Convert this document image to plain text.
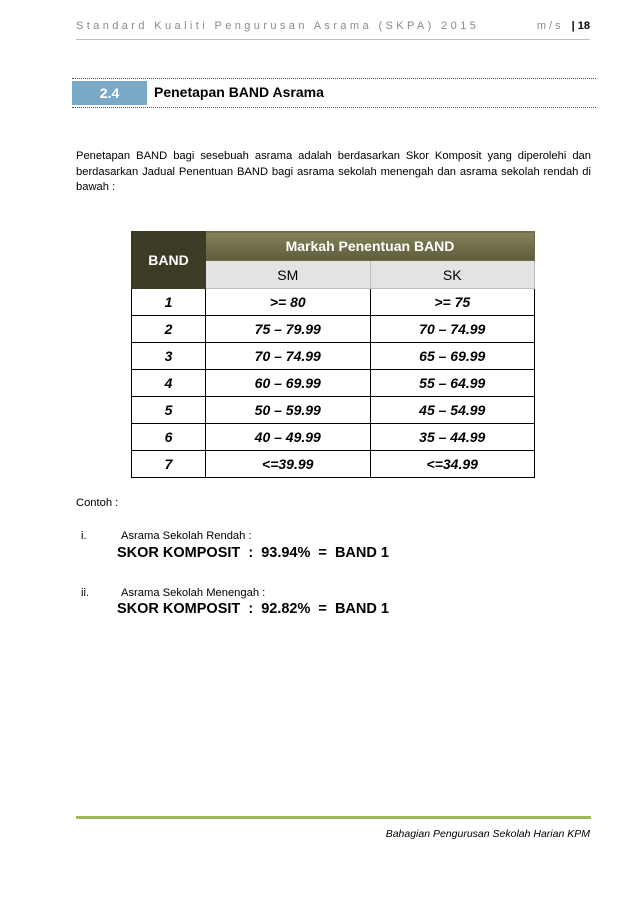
Standard Kualiti Pengurusan Asrama (SKPA) 2015	m/s | 18
2.4	Penetapan BAND Asrama
Penetapan BAND bagi sesebuah asrama adalah berdasarkan Skor Komposit yang diperolehi dan berdasarkan Jadual Penentuan BAND bagi asrama sekolah menengah dan asrama sekolah rendah di bawah :
BAND	Markah Penentuan BAND	
	SM	SK
1	>= 80	>= 75
2	75 – 79.99	70 – 74.99
3	70 – 74.99	65 – 69.99
4	60 – 69.99	55 – 64.99
5	50 – 59.99	45 – 54.99
6	40 – 49.99	35 – 44.99
7	<=39.99	<=34.99
Contoh :
i.	Asrama Sekolah Rendah :
SKOR KOMPOSIT  :  93.94%  =  BAND 1
ii.	Asrama Sekolah Menengah :
SKOR KOMPOSIT  :  92.82%  =  BAND 1
Bahagian Pengurusan Sekolah Harian KPM
